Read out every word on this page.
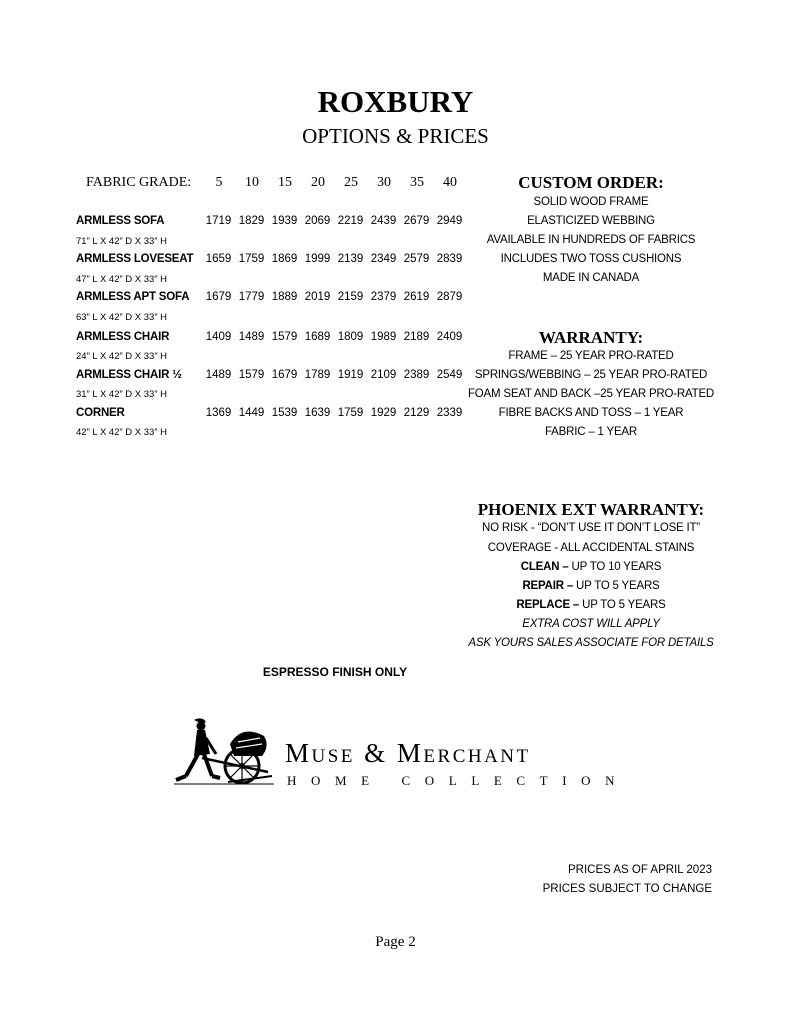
ROXBURY
OPTIONS & PRICES
FABRIC GRADE:	5	10	15	20	25	30	35	40
ARMLESS SOFA
71” L X 42” D X 33” H
1719 1829 1939 2069 2219 2439 2679 2949
ARMLESS LOVESEAT
47” L X 42” D X 33” H
1659 1759 1869 1999 2139 2349 2579 2839
ARMLESS APT SOFA
63” L X 42” D X 33” H
1679 1779 1889 2019 2159 2379 2619 2879
ARMLESS CHAIR
24” L X 42” D X 33” H
1409 1489 1579 1689 1809 1989 2189 2409
ARMLESS CHAIR ½
31” L X 42” D X 33” H
1489 1579 1679 1789 1919 2109 2389 2549
CORNER
42” L X 42” D X 33” H
1369 1449 1539 1639 1759 1929 2129 2339
CUSTOM ORDER:
SOLID WOOD FRAME
ELASTICIZED WEBBING
AVAILABLE IN HUNDREDS OF FABRICS
INCLUDES TWO TOSS CUSHIONS
MADE IN CANADA
WARRANTY:
FRAME – 25 YEAR PRO-RATED
SPRINGS/WEBBING – 25 YEAR PRO-RATED
FOAM SEAT AND BACK –25 YEAR PRO-RATED
FIBRE BACKS AND TOSS – 1 YEAR
FABRIC – 1 YEAR
PHOENIX EXT WARRANTY:
NO RISK - “DON’T USE IT DON’T LOSE IT”
COVERAGE - ALL ACCIDENTAL STAINS
CLEAN – UP TO 10 YEARS
REPAIR – UP TO 5 YEARS
REPLACE – UP TO 5 YEARS
EXTRA COST WILL APPLY
ASK YOURS SALES ASSOCIATE FOR DETAILS
ESPRESSO FINISH ONLY
Muse & Merchant
HOME COLLECTION
PRICES AS OF APRIL 2023
PRICES SUBJECT TO CHANGE
Page 2
